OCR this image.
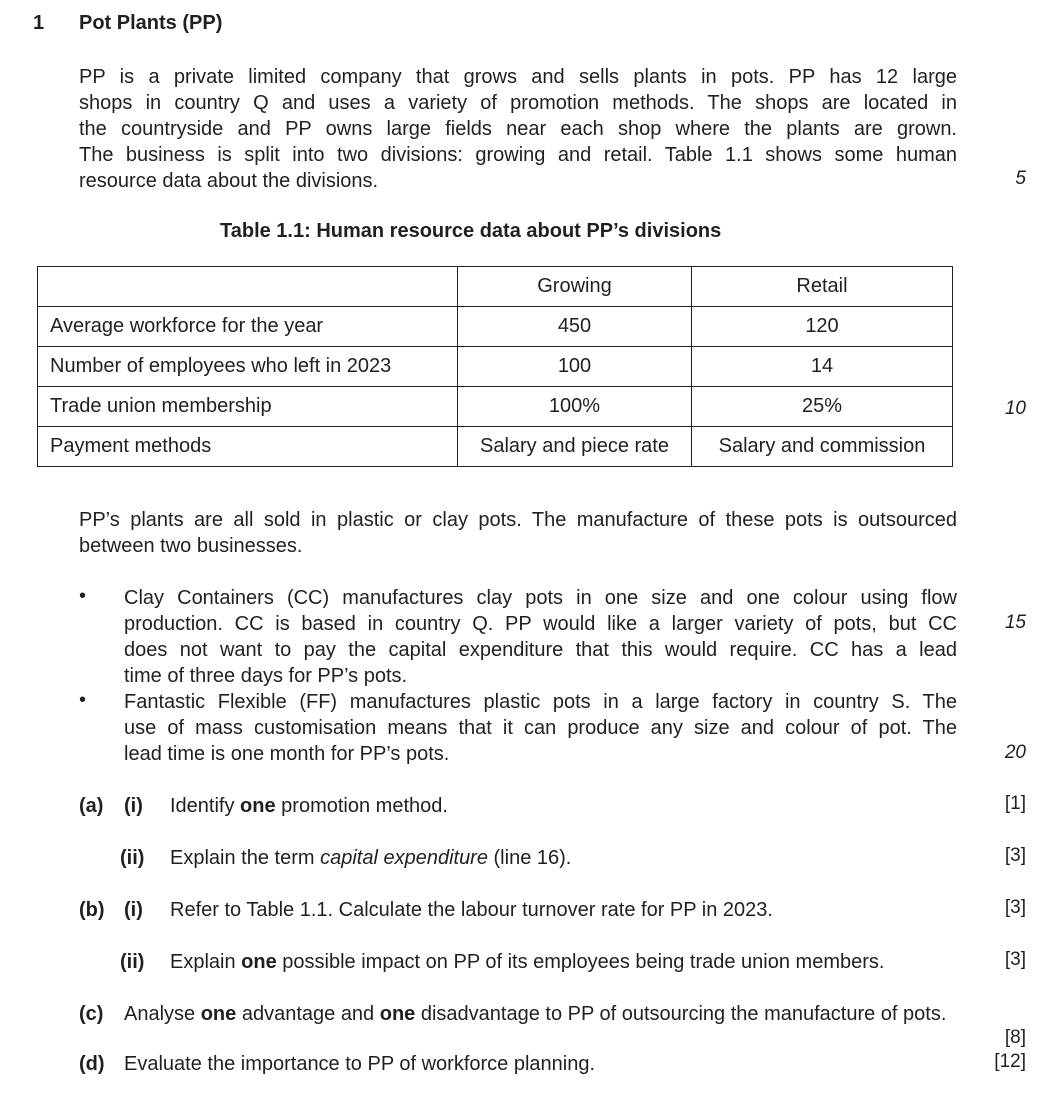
1 Pot Plants (PP)
PP is a private limited company that grows and sells plants in pots. PP has 12 large
shops in country Q and uses a variety of promotion methods. The shops are located in
the countryside and PP owns large fields near each shop where the plants are grown.
The business is split into two divisions: growing and retail. Table 1.1 shows some human
resource data about the divisions.	5
Table 1.1: Human resource data about PP’s divisions
	Growing	Retail
Average workforce for the year	450	120
Number of employees who left in 2023	100	14
Trade union membership	100%	25%
Payment methods	Salary and piece rate	Salary and commission
10
PP’s plants are all sold in plastic or clay pots. The manufacture of these pots is outsourced
between two businesses.
• Clay Containers (CC) manufactures clay pots in one size and one colour using flow
production. CC is based in country Q. PP would like a larger variety of pots, but CC
does not want to pay the capital expenditure that this would require. CC has a lead
time of three days for PP’s pots.
15
• Fantastic Flexible (FF) manufactures plastic pots in a large factory in country S. The
use of mass customisation means that it can produce any size and colour of pot. The
lead time is one month for PP’s pots.	20
(a) (i) Identify one promotion method.	[1]
(ii) Explain the term capital expenditure (line 16).	[3]
(b) (i) Refer to Table 1.1. Calculate the labour turnover rate for PP in 2023.	[3]
(ii) Explain one possible impact on PP of its employees being trade union members.	[3]
(c) Analyse one advantage and one disadvantage to PP of outsourcing the manufacture of pots.
[8]
(d) Evaluate the importance to PP of workforce planning.	[12]
